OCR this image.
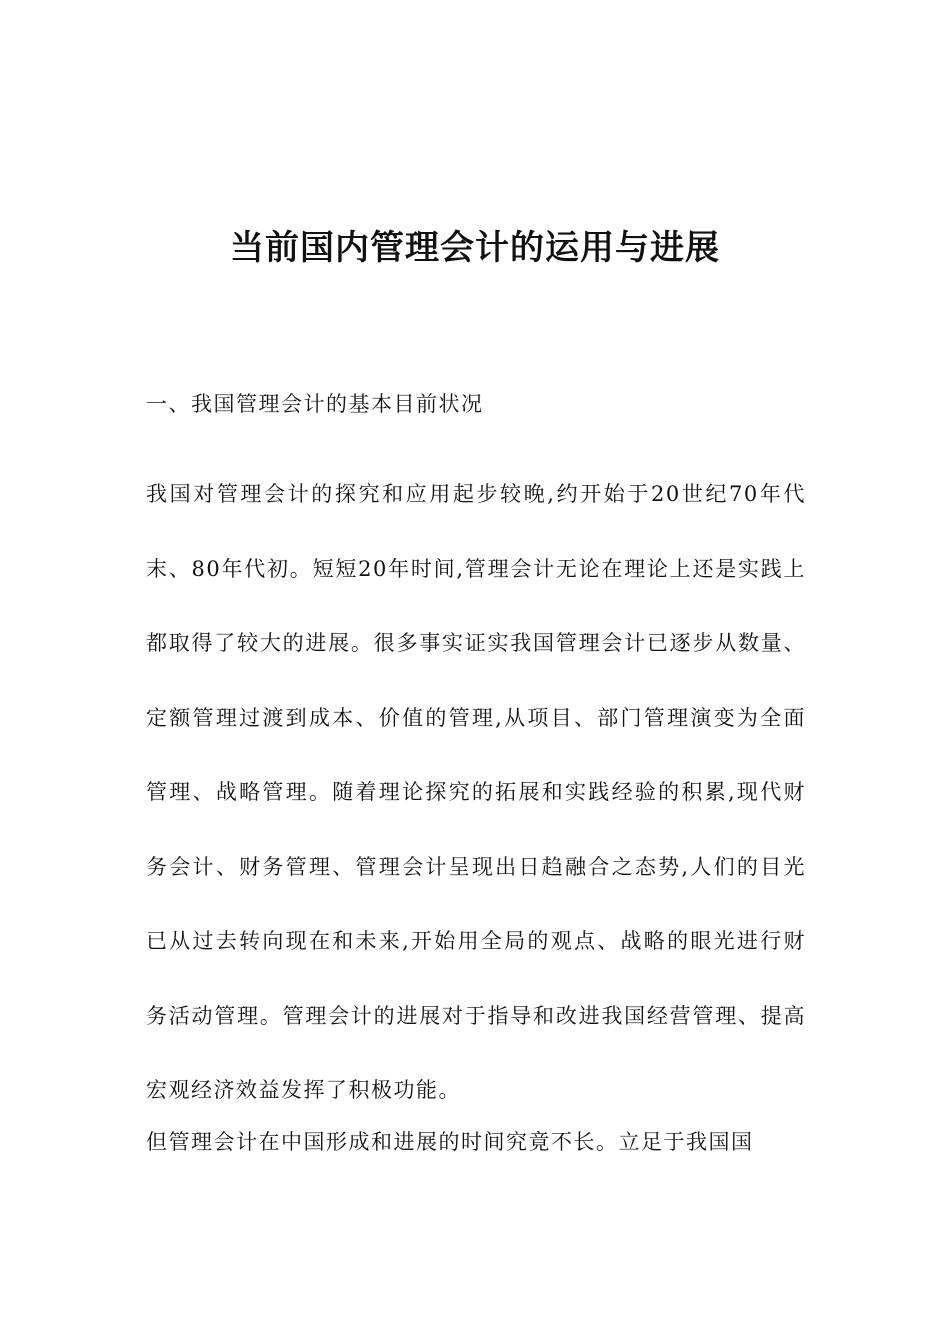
当前国内管理会计的运用与进展

一、我国管理会计的基本目前状况

我国对管理会计的探究和应用起步较晚,约开始于20世纪70年代末、80年代初。短短20年时间,管理会计无论在理论上还是实践上都取得了较大的进展。很多事实证实我国管理会计已逐步从数量、定额管理过渡到成本、价值的管理,从项目、部门管理演变为全面管理、战略管理。随着理论探究的拓展和实践经验的积累,现代财务会计、财务管理、管理会计呈现出日趋融合之态势,人们的目光已从过去转向现在和未来,开始用全局的观点、战略的眼光进行财务活动管理。管理会计的进展对于指导和改进我国经营管理、提高宏观经济效益发挥了积极功能。

但管理会计在中国形成和进展的时间究竟不长。立足于我国国
